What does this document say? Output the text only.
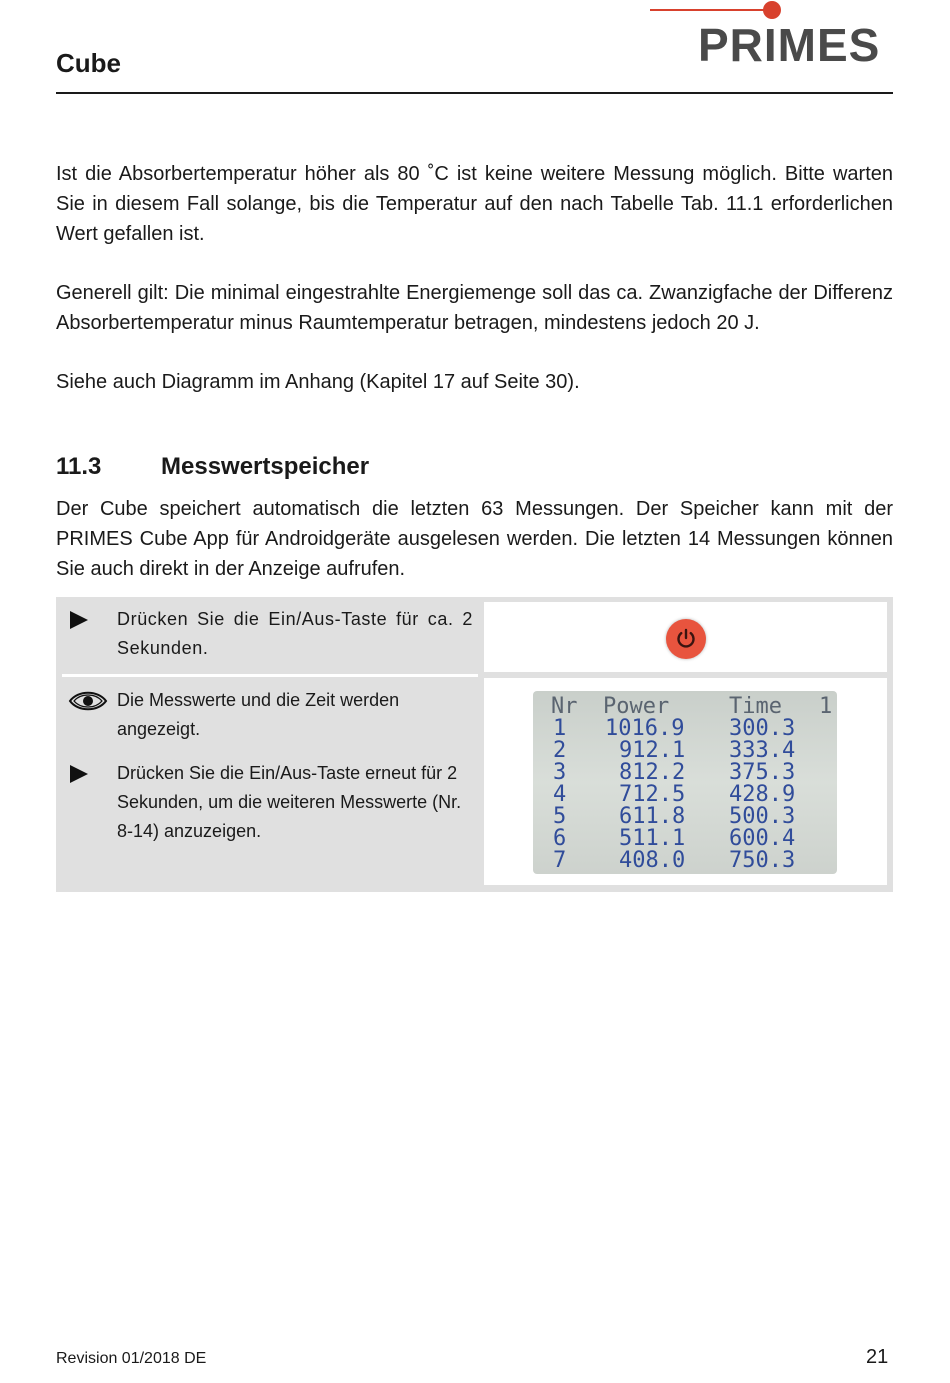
Cube	PRIMES
Ist die Absorbertemperatur höher als 80 ˚C ist keine weitere Messung möglich. Bitte warten Sie in diesem Fall solange, bis die Temperatur auf den nach Tabelle Tab. 11.1 erforderlichen Wert gefallen ist.
Generell gilt: Die minimal eingestrahlte Energiemenge soll das ca. Zwanzigfache der Differenz Absorbertemperatur minus Raumtemperatur betragen, mindestens jedoch 20 J.
Siehe auch Diagramm im Anhang (Kapitel 17 auf Seite 30).
11.3 Messwertspeicher
Der Cube speichert automatisch die letzten 63 Messungen. Der Speicher kann mit der PRIMES Cube App für Androidgeräte ausgelesen werden. Die letzten 14 Messungen können Sie auch direkt in der Anzeige aufrufen.
Drücken Sie die Ein/Aus-Taste für ca. 2 Sekunden.
Die Messwerte und die Zeit werden angezeigt.
Drücken Sie die Ein/Aus-Taste erneut für 2 Sekunden, um die weiteren Messwerte (Nr. 8-14) anzuzeigen.
Nr Power	Time 1
1 1016.9 300.3
2 912.1 333.4
3 812.2 375.3
4 712.5 428.9
5 611.8 500.3
6 511.1 600.4
7 408.0 750.3
Revision 01/2018 DE	21
